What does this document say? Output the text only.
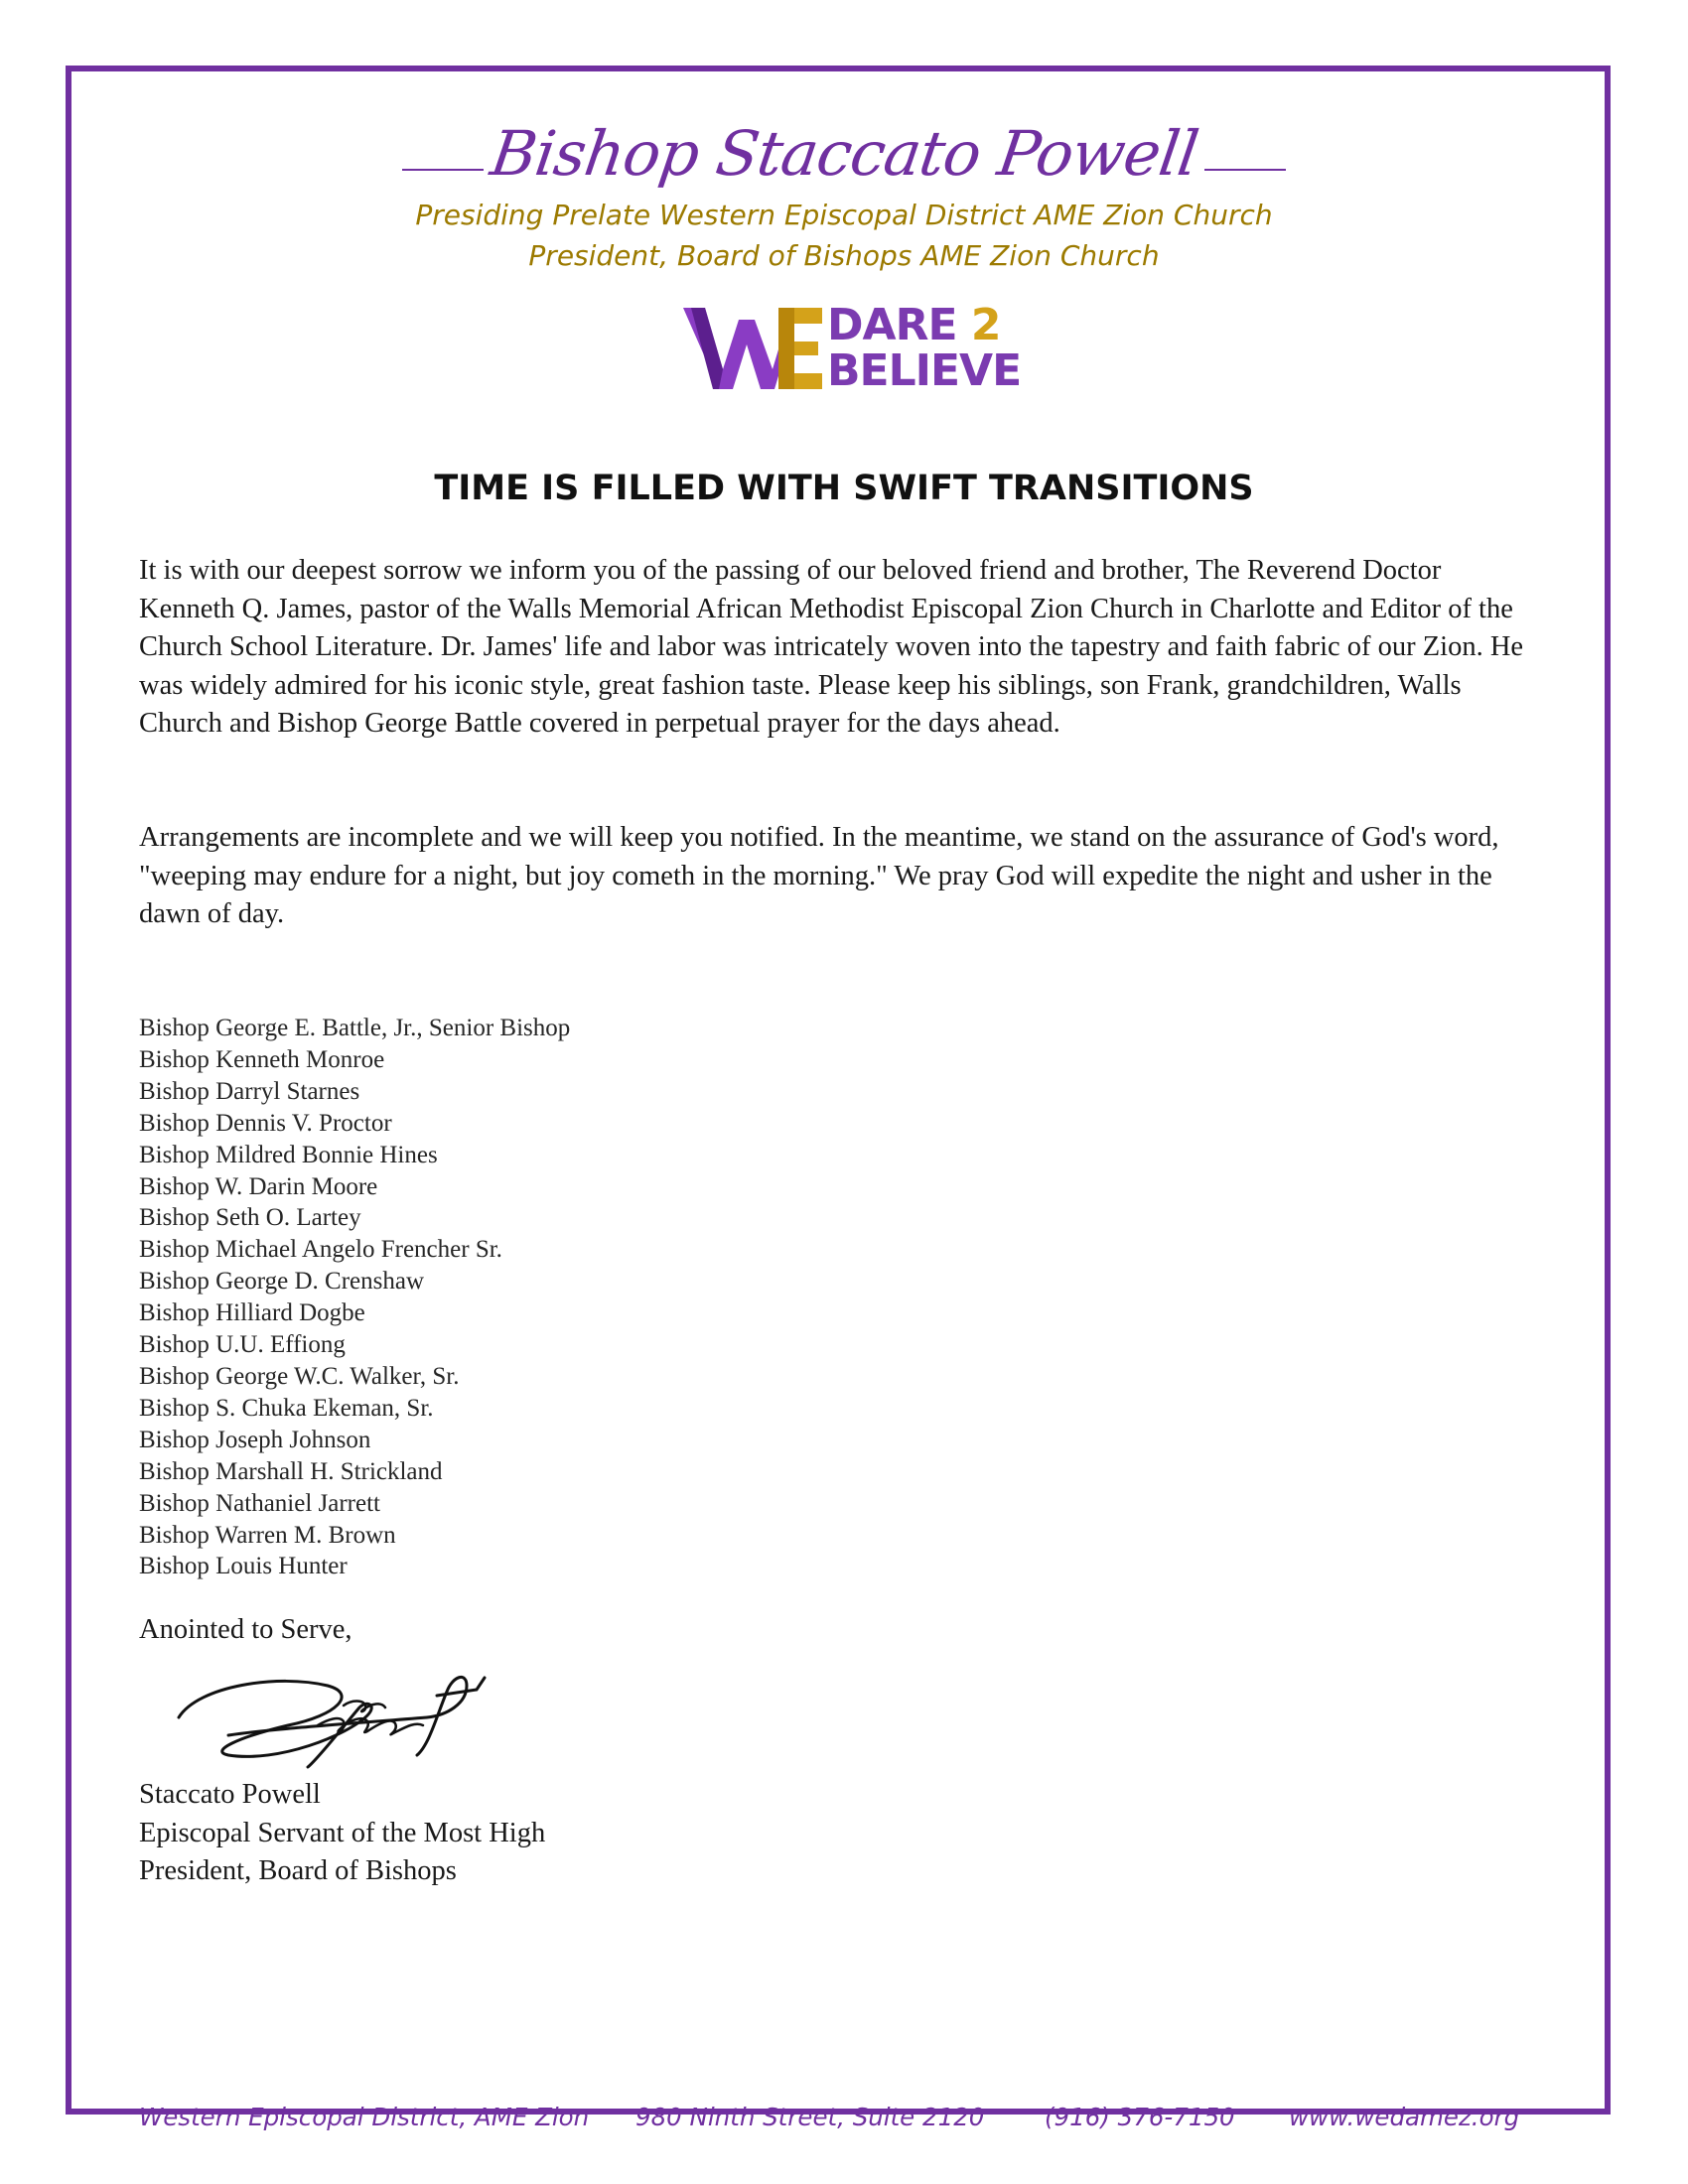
Bishop Staccato Powell
Presiding Prelate Western Episcopal District AME Zion Church
President, Board of Bishops AME Zion Church
DARE 2
BELIEVE
TIME IS FILLED WITH SWIFT TRANSITIONS
It is with our deepest sorrow we inform you of the passing of our beloved friend and brother, The Reverend Doctor Kenneth Q. James, pastor of the Walls Memorial African Methodist Episcopal Zion Church in Charlotte and Editor of the Church School Literature. Dr. James' life and labor was intricately woven into the tapestry and faith fabric of our Zion. He was widely admired for his iconic style, great fashion taste. Please keep his siblings, son Frank, grandchildren, Walls Church and Bishop George Battle covered in perpetual prayer for the days ahead.
Arrangements are incomplete and we will keep you notified. In the meantime, we stand on the assurance of God's word, "weeping may endure for a night, but joy cometh in the morning." We pray God will expedite the night and usher in the dawn of day.
Bishop George E. Battle, Jr., Senior Bishop
Bishop Kenneth Monroe
Bishop Darryl Starnes
Bishop Dennis V. Proctor
Bishop Mildred Bonnie Hines
Bishop W. Darin Moore
Bishop Seth O. Lartey
Bishop Michael Angelo Frencher Sr.
Bishop George D. Crenshaw
Bishop Hilliard Dogbe
Bishop U.U. Effiong
Bishop George W.C. Walker, Sr.
Bishop S. Chuka Ekeman, Sr.
Bishop Joseph Johnson
Bishop Marshall H. Strickland
Bishop Nathaniel Jarrett
Bishop Warren M. Brown
Bishop Louis Hunter
Anointed to Serve,
Staccato Powell
Episcopal Servant of the Most High
President, Board of Bishops
Western Episcopal District, AME Zion 980 Ninth Street, Suite 2120 (916) 376-7150 www.wedamez.org
